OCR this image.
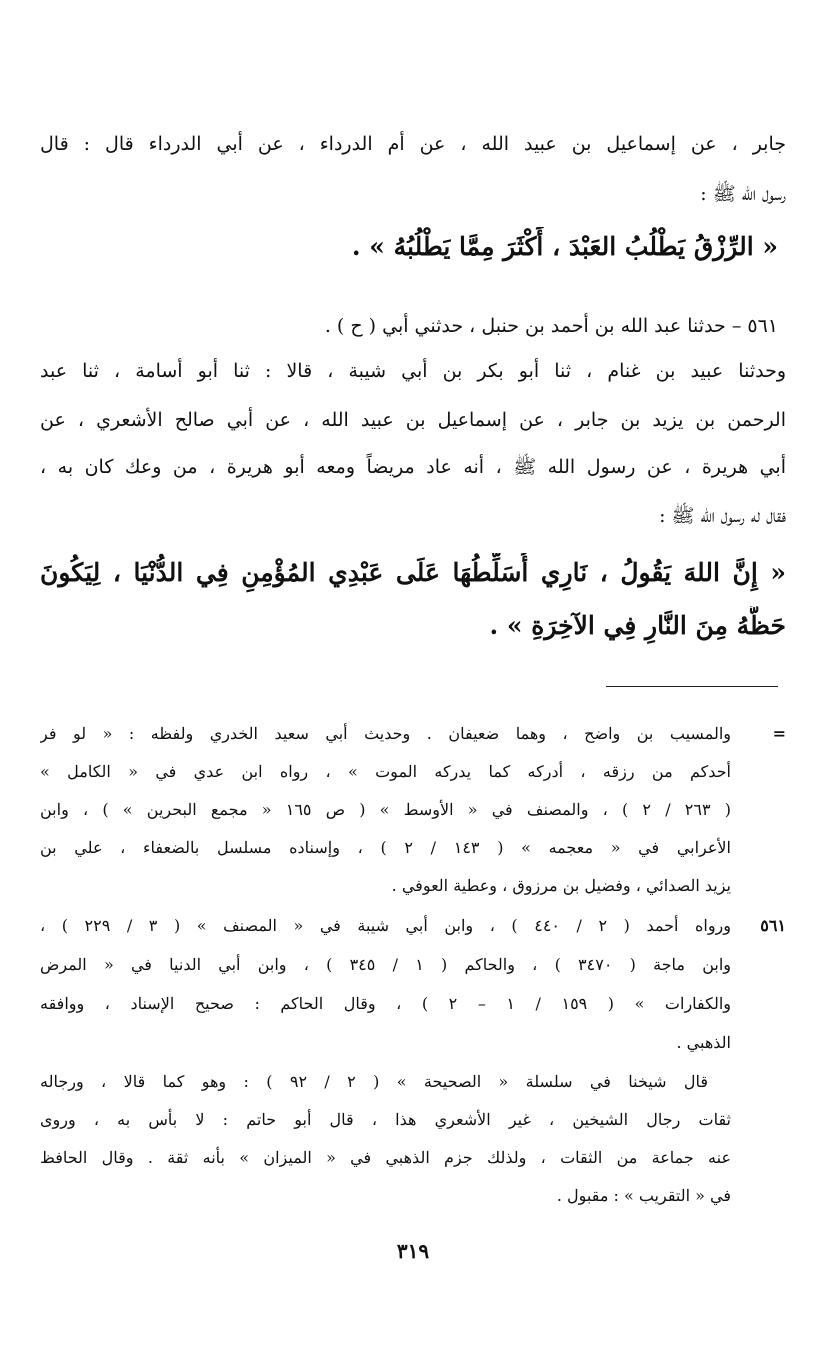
جابر ، عن إسماعيل بن عبيد الله ، عن أم الدرداء ، عن أبي الدرداء قال : قال
رسول الله ﷺ :
« الرِّزْقُ يَطْلُبُ العَبْدَ ، أَكْثَرَ مِمَّا يَطْلُبُهُ » .
٥٦١ – حدثنا عبد الله بن أحمد بن حنبل ، حدثني أبي ( ح ) .
وحدثنا عبيد بن غنام ، ثنا أبو بكر بن أبي شيبة ، قالا : ثنا أبو أسامة ، ثنا عبد
الرحمن بن يزيد بن جابر ، عن إسماعيل بن عبيد الله ، عن أبي صالح الأشعري ، عن
أبي هريرة ، عن رسول الله ﷺ ، أنه عاد مريضاً ومعه أبو هريرة ، من وعك كان به ،
فقال له رسول الله ﷺ :
« إِنَّ اللهَ يَقُولُ ، نَارِي أُسَلِّطُهَا عَلَى عَبْدِي المُؤْمِنِ فِي الدُّنْيَا ، لِيَكُونَ
حَظَّهُ مِنَ النَّارِ فِي الآخِرَةِ » .
=
والمسيب بن واضح ، وهما ضعيفان . وحديث أبي سعيد الخدري ولفظه : « لو فر
أحدكم من رزقه ، أدركه كما يدركه الموت » ، رواه ابن عدي في « الكامل »
( ٢٦٣ / ٢ ) ، والمصنف في « الأوسط » ( ص ١٦٥ « مجمع البحرين » ) ، وابن
الأعرابي في « معجمه » ( ١٤٣ / ٢ ) ، وإسناده مسلسل بالضعفاء ، علي بن
يزيد الصدائي ، وفضيل بن مرزوق ، وعطية العوفي .
٥٦١
ورواه أحمد ( ٢ / ٤٤٠ ) ، وابن أبي شيبة في « المصنف » ( ٣ / ٢٢٩ ) ،
وابن ماجة ( ٣٤٧٠ ) ، والحاكم ( ١ / ٣٤٥ ) ، وابن أبي الدنيا في « المرض
والكفارات » ( ١٥٩ / ١ – ٢ ) ، وقال الحاكم : صحيح الإسناد ، ووافقه
الذهبي .
قال شيخنا في سلسلة « الصحيحة » ( ٢ / ٩٢ ) : وهو كما قالا ، ورجاله
ثقات رجال الشيخين ، غير الأشعري هذا ، قال أبو حاتم : لا بأس به ، وروى
عنه جماعة من الثقات ، ولذلك جزم الذهبي في « الميزان » بأنه ثقة . وقال الحافظ
في « التقريب » : مقبول .
٣١٩
